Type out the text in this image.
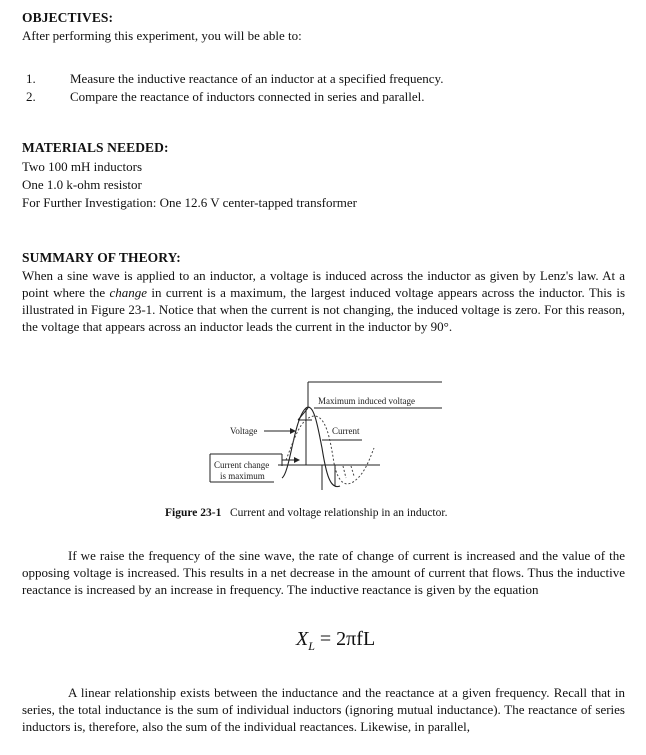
OBJECTIVES:
After performing this experiment, you will be able to:
1.	Measure the inductive reactance of an inductor at a specified frequency.
2.	Compare the reactance of inductors connected in series and parallel.
MATERIALS NEEDED:
Two 100 mH inductors
One 1.0 k-ohm resistor
For Further Investigation: One 12.6 V center-tapped transformer
SUMMARY OF THEORY:
When a sine wave is applied to an inductor, a voltage is induced across the inductor as given by Lenz's law. At a point where the change in current is a maximum, the largest induced voltage appears across the inductor. This is illustrated in Figure 23-1. Notice that when the current is not changing, the induced voltage is zero. For this reason, the voltage that appears across an inductor leads the current in the inductor by 90°.
Maximum induced voltage
Voltage	Current
Current change
is maximum
Figure 23-1 Current and voltage relationship in an inductor.
If we raise the frequency of the sine wave, the rate of change of current is increased and the value of the opposing voltage is increased. This results in a net decrease in the amount of current that flows. Thus the inductive reactance is increased by an increase in frequency. The inductive reactance is given by the equation
$X_L = 2\pi fL$
A linear relationship exists between the inductance and the reactance at a given frequency. Recall that in series, the total inductance is the sum of individual inductors (ignoring mutual inductance). The reactance of series inductors is, therefore, also the sum of the individual reactances. Likewise, in parallel,
